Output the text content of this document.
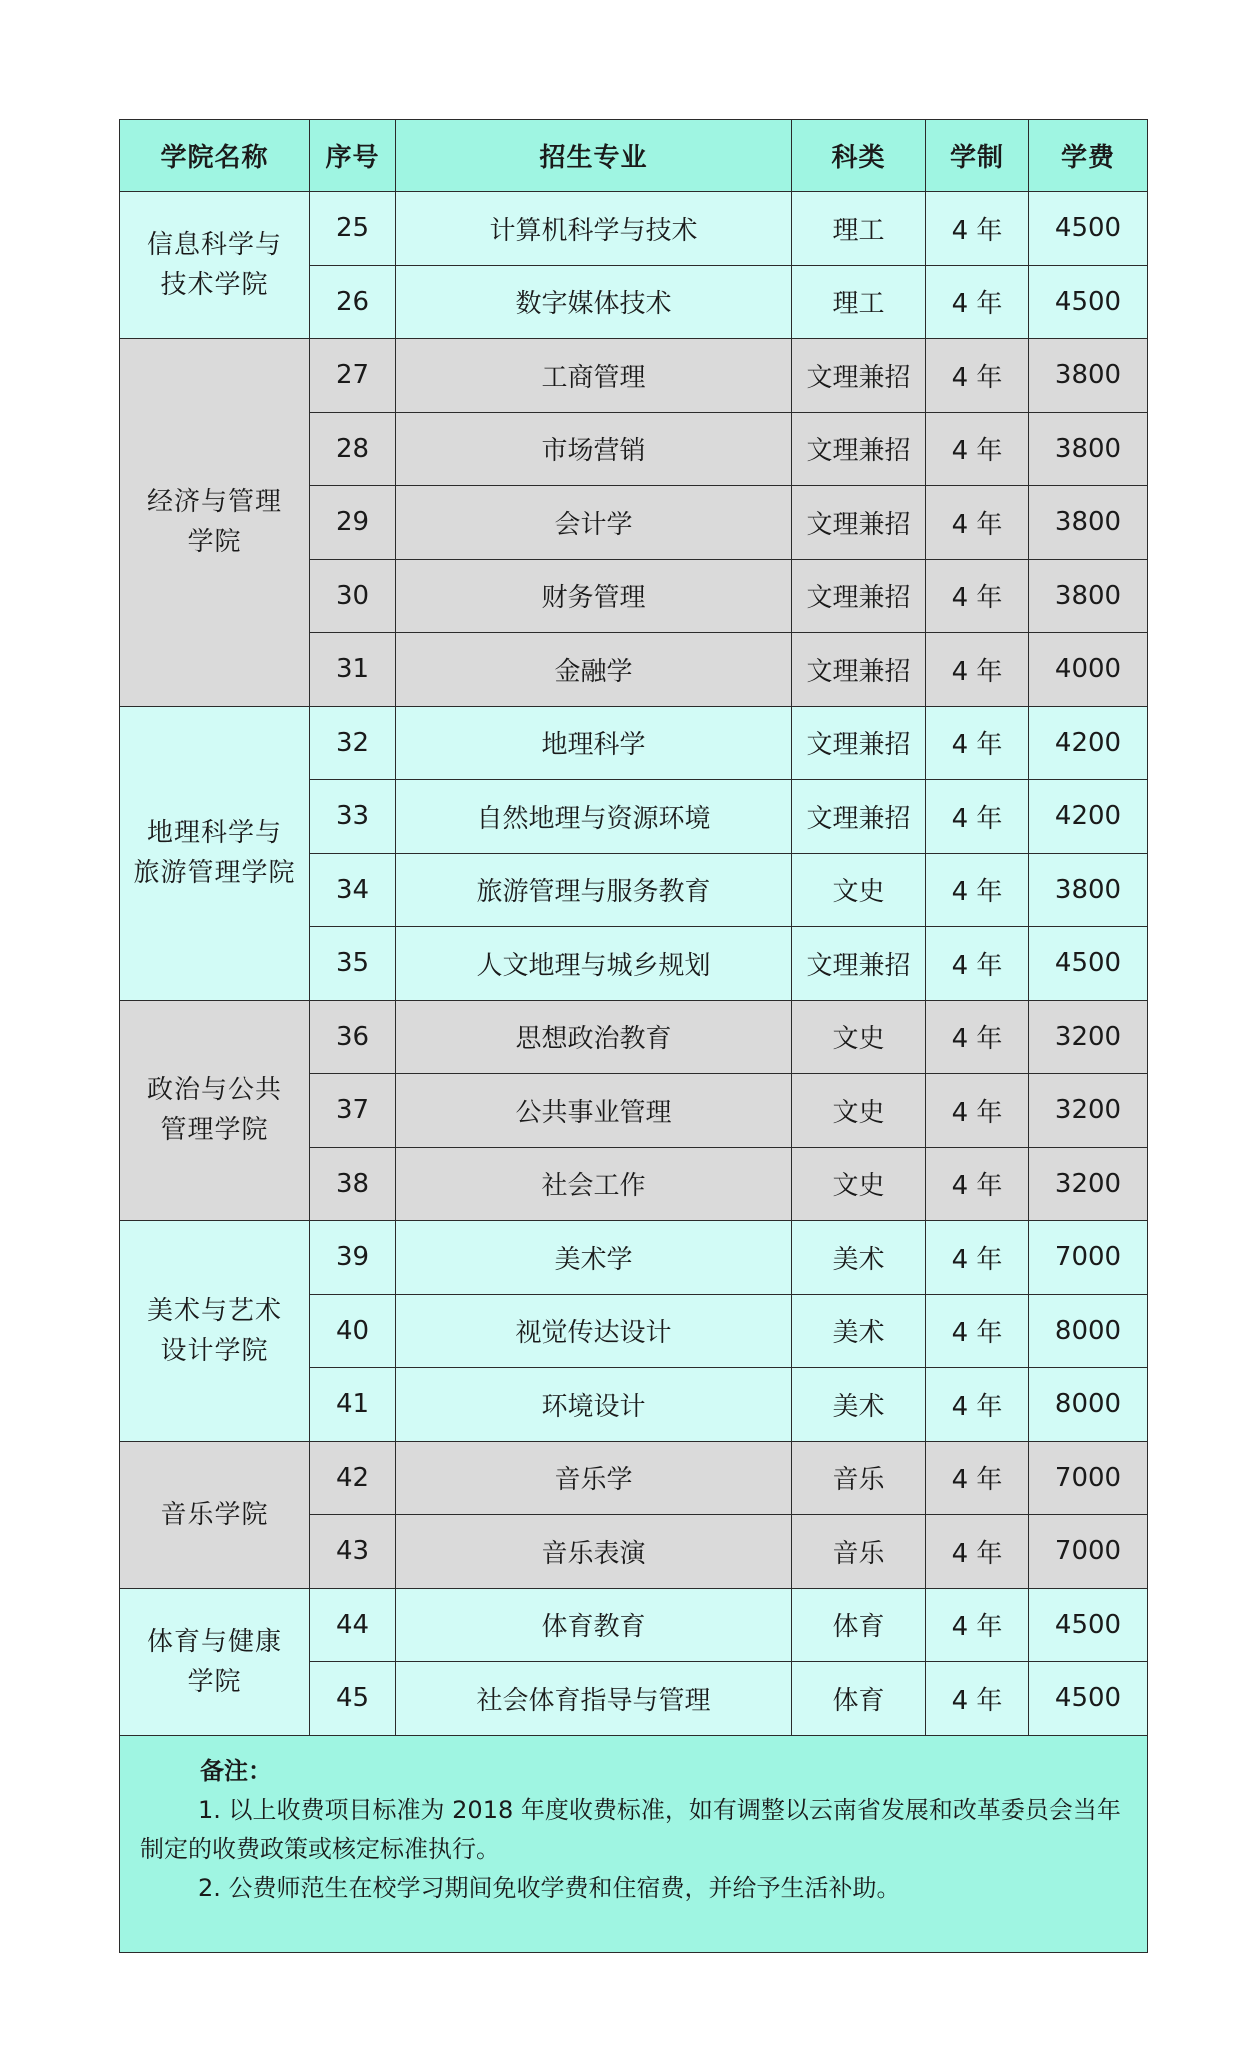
学院名称	序号	招生专业	科类	学制	学费
信息科学与
技术学院	25	计算机科学与技术	理工	4 年	4500
	26	数字媒体技术	理工	4 年	4500
经济与管理
学院	27	工商管理	文理兼招	4 年	3800
	28	市场营销	文理兼招	4 年	3800
	29	会计学	文理兼招	4 年	3800
	30	财务管理	文理兼招	4 年	3800
	31	金融学	文理兼招	4 年	4000
地理科学与
旅游管理学院	32	地理科学	文理兼招	4 年	4200
	33	自然地理与资源环境	文理兼招	4 年	4200
	34	旅游管理与服务教育	文史	4 年	3800
	35	人文地理与城乡规划	文理兼招	4 年	4500
政治与公共
管理学院	36	思想政治教育	文史	4 年	3200
	37	公共事业管理	文史	4 年	3200
	38	社会工作	文史	4 年	3200
美术与艺术
设计学院	39	美术学	美术	4 年	7000
	40	视觉传达设计	美术	4 年	8000
	41	环境设计	美术	4 年	8000
音乐学院	42	音乐学	音乐	4 年	7000
	43	音乐表演	音乐	4 年	7000
体育与健康
学院	44	体育教育	体育	4 年	4500
	45	社会体育指导与管理	体育	4 年	4500

备注：
1. 以上收费项目标准为 2018 年度收费标准，如有调整以云南省发展和改革委员会当年制定的收费政策或核定标准执行。
2. 公费师范生在校学习期间免收学费和住宿费，并给予生活补助。					
